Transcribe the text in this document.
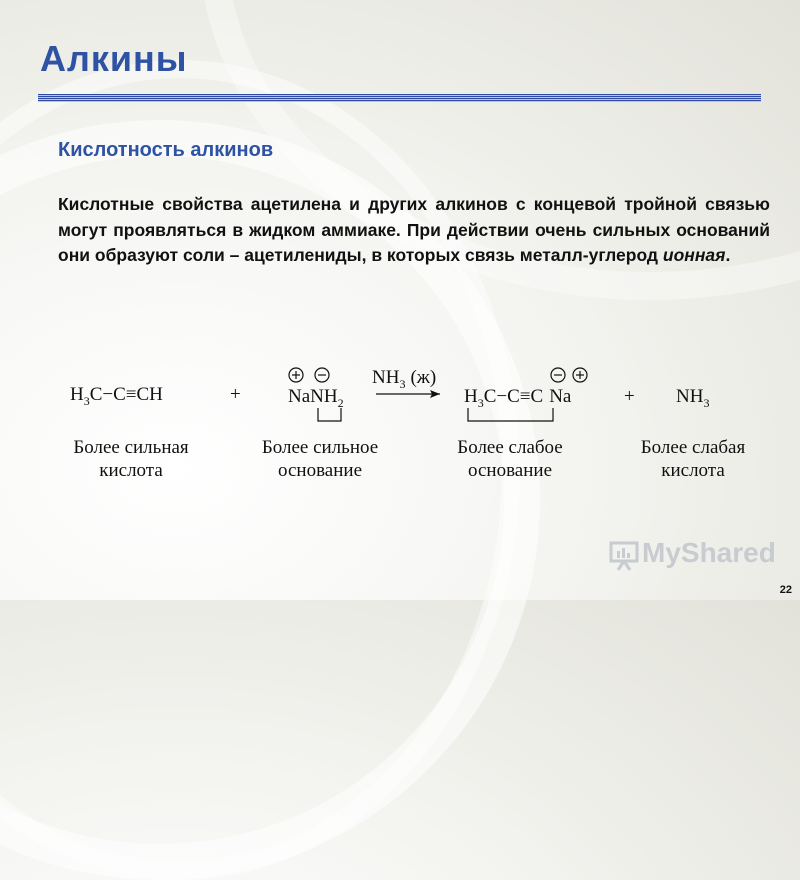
Алкины
Кислотность алкинов

Кислотные свойства ацетилена и других алкинов с концевой тройной связью могут проявляться в жидком аммиаке. При действии очень сильных оснований они образуют соли – ацетилениды, в которых связь металл-углерод ионная.

$H_3C-C\equiv CH$	+ NaNH$_2$
$NH_3$ (ж)
$H_3C-C\equiv C$ Na	+ $NH_3$
Более сильная
кислота
Более сильное
основание
Более слабое
основание
Более слабая
кислота
MyShared
22
